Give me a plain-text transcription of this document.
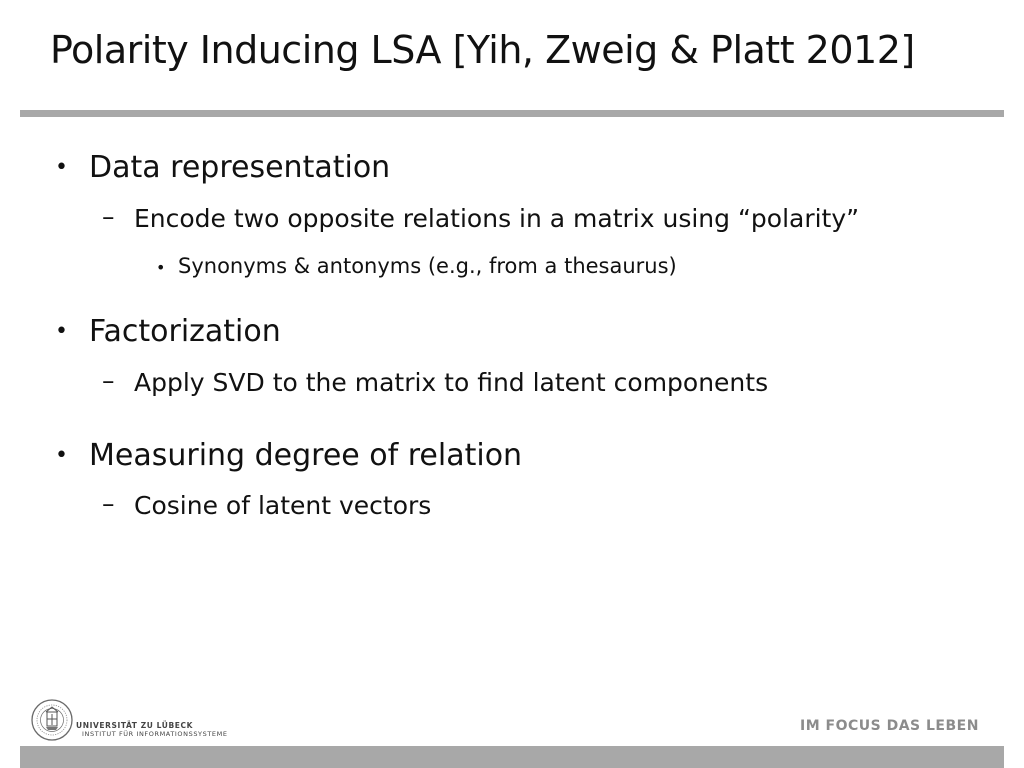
Polarity Inducing LSA [Yih, Zweig & Platt 2012]
• Data representation
– Encode two opposite relations in a matrix using “polarity”
• Synonyms & antonyms (e.g., from a thesaurus)
• Factorization
– Apply SVD to the matrix to find latent components
• Measuring degree of relation
– Cosine of latent vectors
UNIVERSITÄT ZU LÜBECK
INSTITUT FÜR INFORMATIONSSYSTEME	IM FOCUS DAS LEBEN
